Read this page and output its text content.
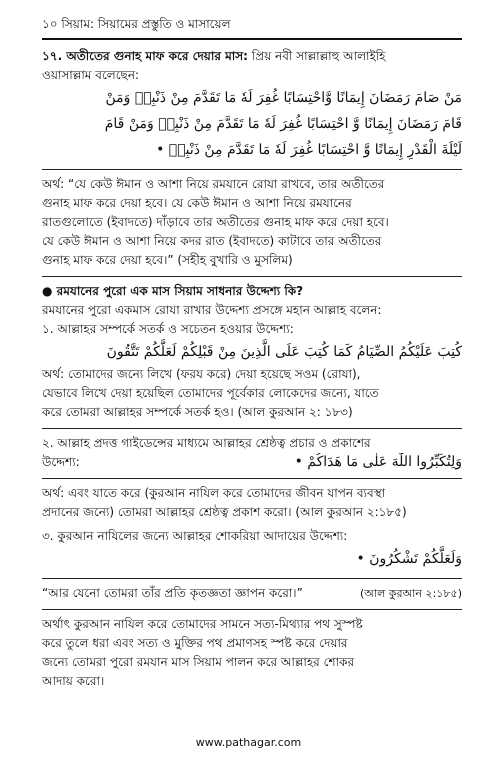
১০ সিয়াম: সিয়ামের প্রস্তুতি ও মাসায়েল

১৭. অতীতের গুনাহ মাফ করে দেয়ার মাস: প্রিয় নবী সাল্লাল্লাহু আলাইহি

ওয়াসাল্লাম বলেছেন:

مَنْ صَامَ رَمَضَانَ إِيمَانًا وَّاحْتِسَابًا غُفِرَ لَهٗ مَا تَقَدَّمَ مِنْ ذَنْبِهٖ وَمَنْ

قَامَ رَمَضَانَ إِيمَانًا وَّ احْتِسَابًا غُفِرَ لَهٗ مَا تَقَدَّمَ مِنْ ذَنْبِهٖ وَمَنْ قَامَ

لَيْلَةَ الْقَدْرِ إِيمَانًا وَّ احْتِسَابًا غُفِرَ لَهٗ مَا تَقَدَّمَ مِنْ ذَنْبِهٖ •

অর্থ: “যে কেউ ঈমান ও আশা নিয়ে রমযানে রোযা রাখবে, তার অতীতের

গুনাহ মাফ করে দেয়া হবে। যে কেউ ঈমান ও আশা নিয়ে রমযানের

রাতগুলোতে (ইবাদতে) দাঁড়াবে তার অতীতের গুনাহ মাফ করে দেয়া হবে।

যে কেউ ঈমান ও আশা নিয়ে কদর রাত (ইবাদতে) কাটাবে তার অতীতের

গুনাহ মাফ করে দেয়া হবে।” (সহীহ বুখারি ও মুসলিম)

● রমযানের পুরো এক মাস সিয়াম সাধনার উদ্দেশ্য কি?

রমযানের পুরো একমাস রোযা রাখার উদ্দেশ্য প্রসঙ্গে মহান আল্লাহ বলেন:

১. আল্লাহর সম্পর্কে সতর্ক ও সচেতন হওয়ার উদ্দেশ্য:

كُتِبَ عَلَيْكُمُ الصِّيَامُ كَمَا كُتِبَ عَلَى الَّذِينَ مِنْ قَبْلِكُمْ لَعَلَّكُمْ تَتَّقُونَ

অর্থ: তোমাদের জন্যে লিখে (ফরয করে) দেয়া হয়েছে সওম (রোযা),

যেভাবে লিখে দেয়া হয়েছিল তোমাদের পূর্বেকার লোকেদের জন্যে, যাতে

করে তোমরা আল্লাহর সম্পর্কে সতর্ক হও। (আল কুরআন ২: ১৮৩)

২. আল্লাহ প্রদত্ত গাইডেন্সের মাধ্যমে আল্লাহর শ্রেষ্ঠত্ব প্রচার ও প্রকাশের

উদ্দেশ্য:	وَلِتُكَبِّرُوا اللّٰهَ عَلٰى مَا هَدَاكُمْ •

অর্থ: এবং যাতে করে (কুরআন নাযিল করে তোমাদের জীবন যাপন ব্যবস্থা

প্রদানের জন্যে) তোমরা আল্লাহর শ্রেষ্ঠত্ব প্রকাশ করো। (আল কুরআন ২:১৮৫)

৩. কুরআন নাযিলের জন্যে আল্লাহর শোকরিয়া আদায়ের উদ্দেশ্য:

وَلَعَلَّكُمْ تَشْكُرُونَ •

“আর যেনো তোমরা তাঁর প্রতি কৃতজ্ঞতা জ্ঞাপন করো।”	(আল কুরআন ২:১৮৫)

অর্থাৎ কুরআন নাযিল করে তোমাদের সামনে সত্য-মিথ্যার পথ সুস্পষ্ট

করে তুলে ধরা এবং সত্য ও মুক্তির পথ প্রমাণসহ স্পষ্ট করে দেয়ার

জন্যে তোমরা পুরো রমযান মাস সিয়াম পালন করে আল্লাহর শোকর

আদায় করো।

www.pathagar.com
